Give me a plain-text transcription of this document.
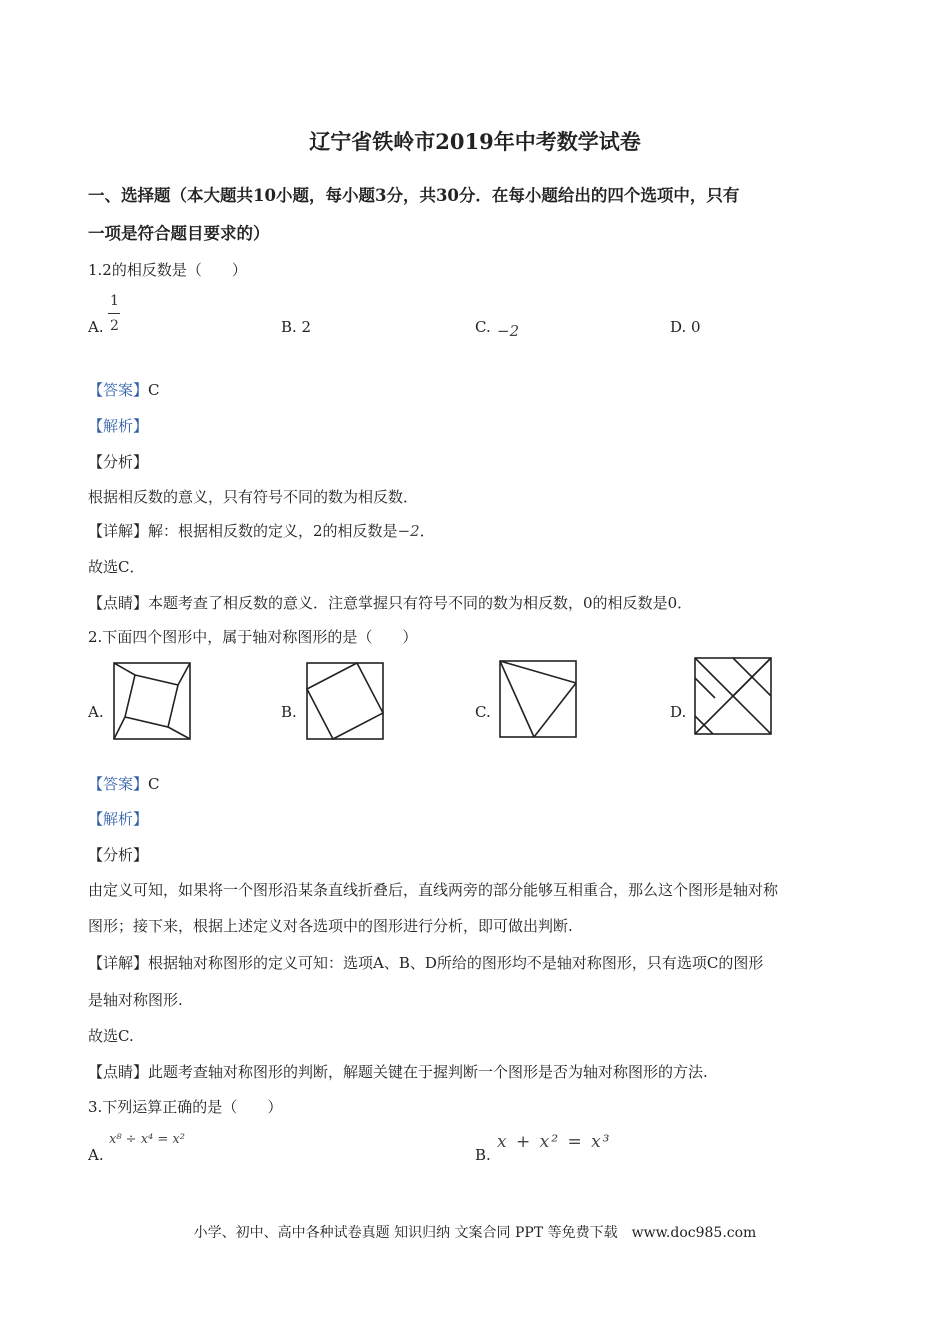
辽宁省铁岭市2019年中考数学试卷
一、选择题（本大题共10小题，每小题3分，共30分．在每小题给出的四个选项中，只有
一项是符合题目要求的）
1.2的相反数是（　　）
A.
1
2	B. 2	C. −2	D. 0
【答案】C
【解析】
【分析】
根据相反数的意义，只有符号不同的数为相反数．
【详解】解：根据相反数的定义，2的相反数是−2．
故选C．
【点睛】本题考查了相反数的意义．注意掌握只有符号不同的数为相反数，0的相反数是0．
2.下面四个图形中，属于轴对称图形的是（　　）
A.	B.	C.	D.
【答案】C
【解析】
【分析】
由定义可知，如果将一个图形沿某条直线折叠后，直线两旁的部分能够互相重合，那么这个图形是轴对称
图形；接下来，根据上述定义对各选项中的图形进行分析，即可做出判断.
【详解】根据轴对称图形的定义可知：选项A、B、D所给的图形均不是轴对称图形，只有选项C的图形
是轴对称图形.
故选C.
【点睛】此题考查轴对称图形的判断，解题关键在于握判断一个图形是否为轴对称图形的方法.
3.下列运算正确的是（　　）
A.
x⁸ ÷ x⁴ = x²
B.
x + x² = x³
小学、初中、高中各种试卷真题 知识归纳 文案合同 PPT 等免费下载　www.doc985.com
